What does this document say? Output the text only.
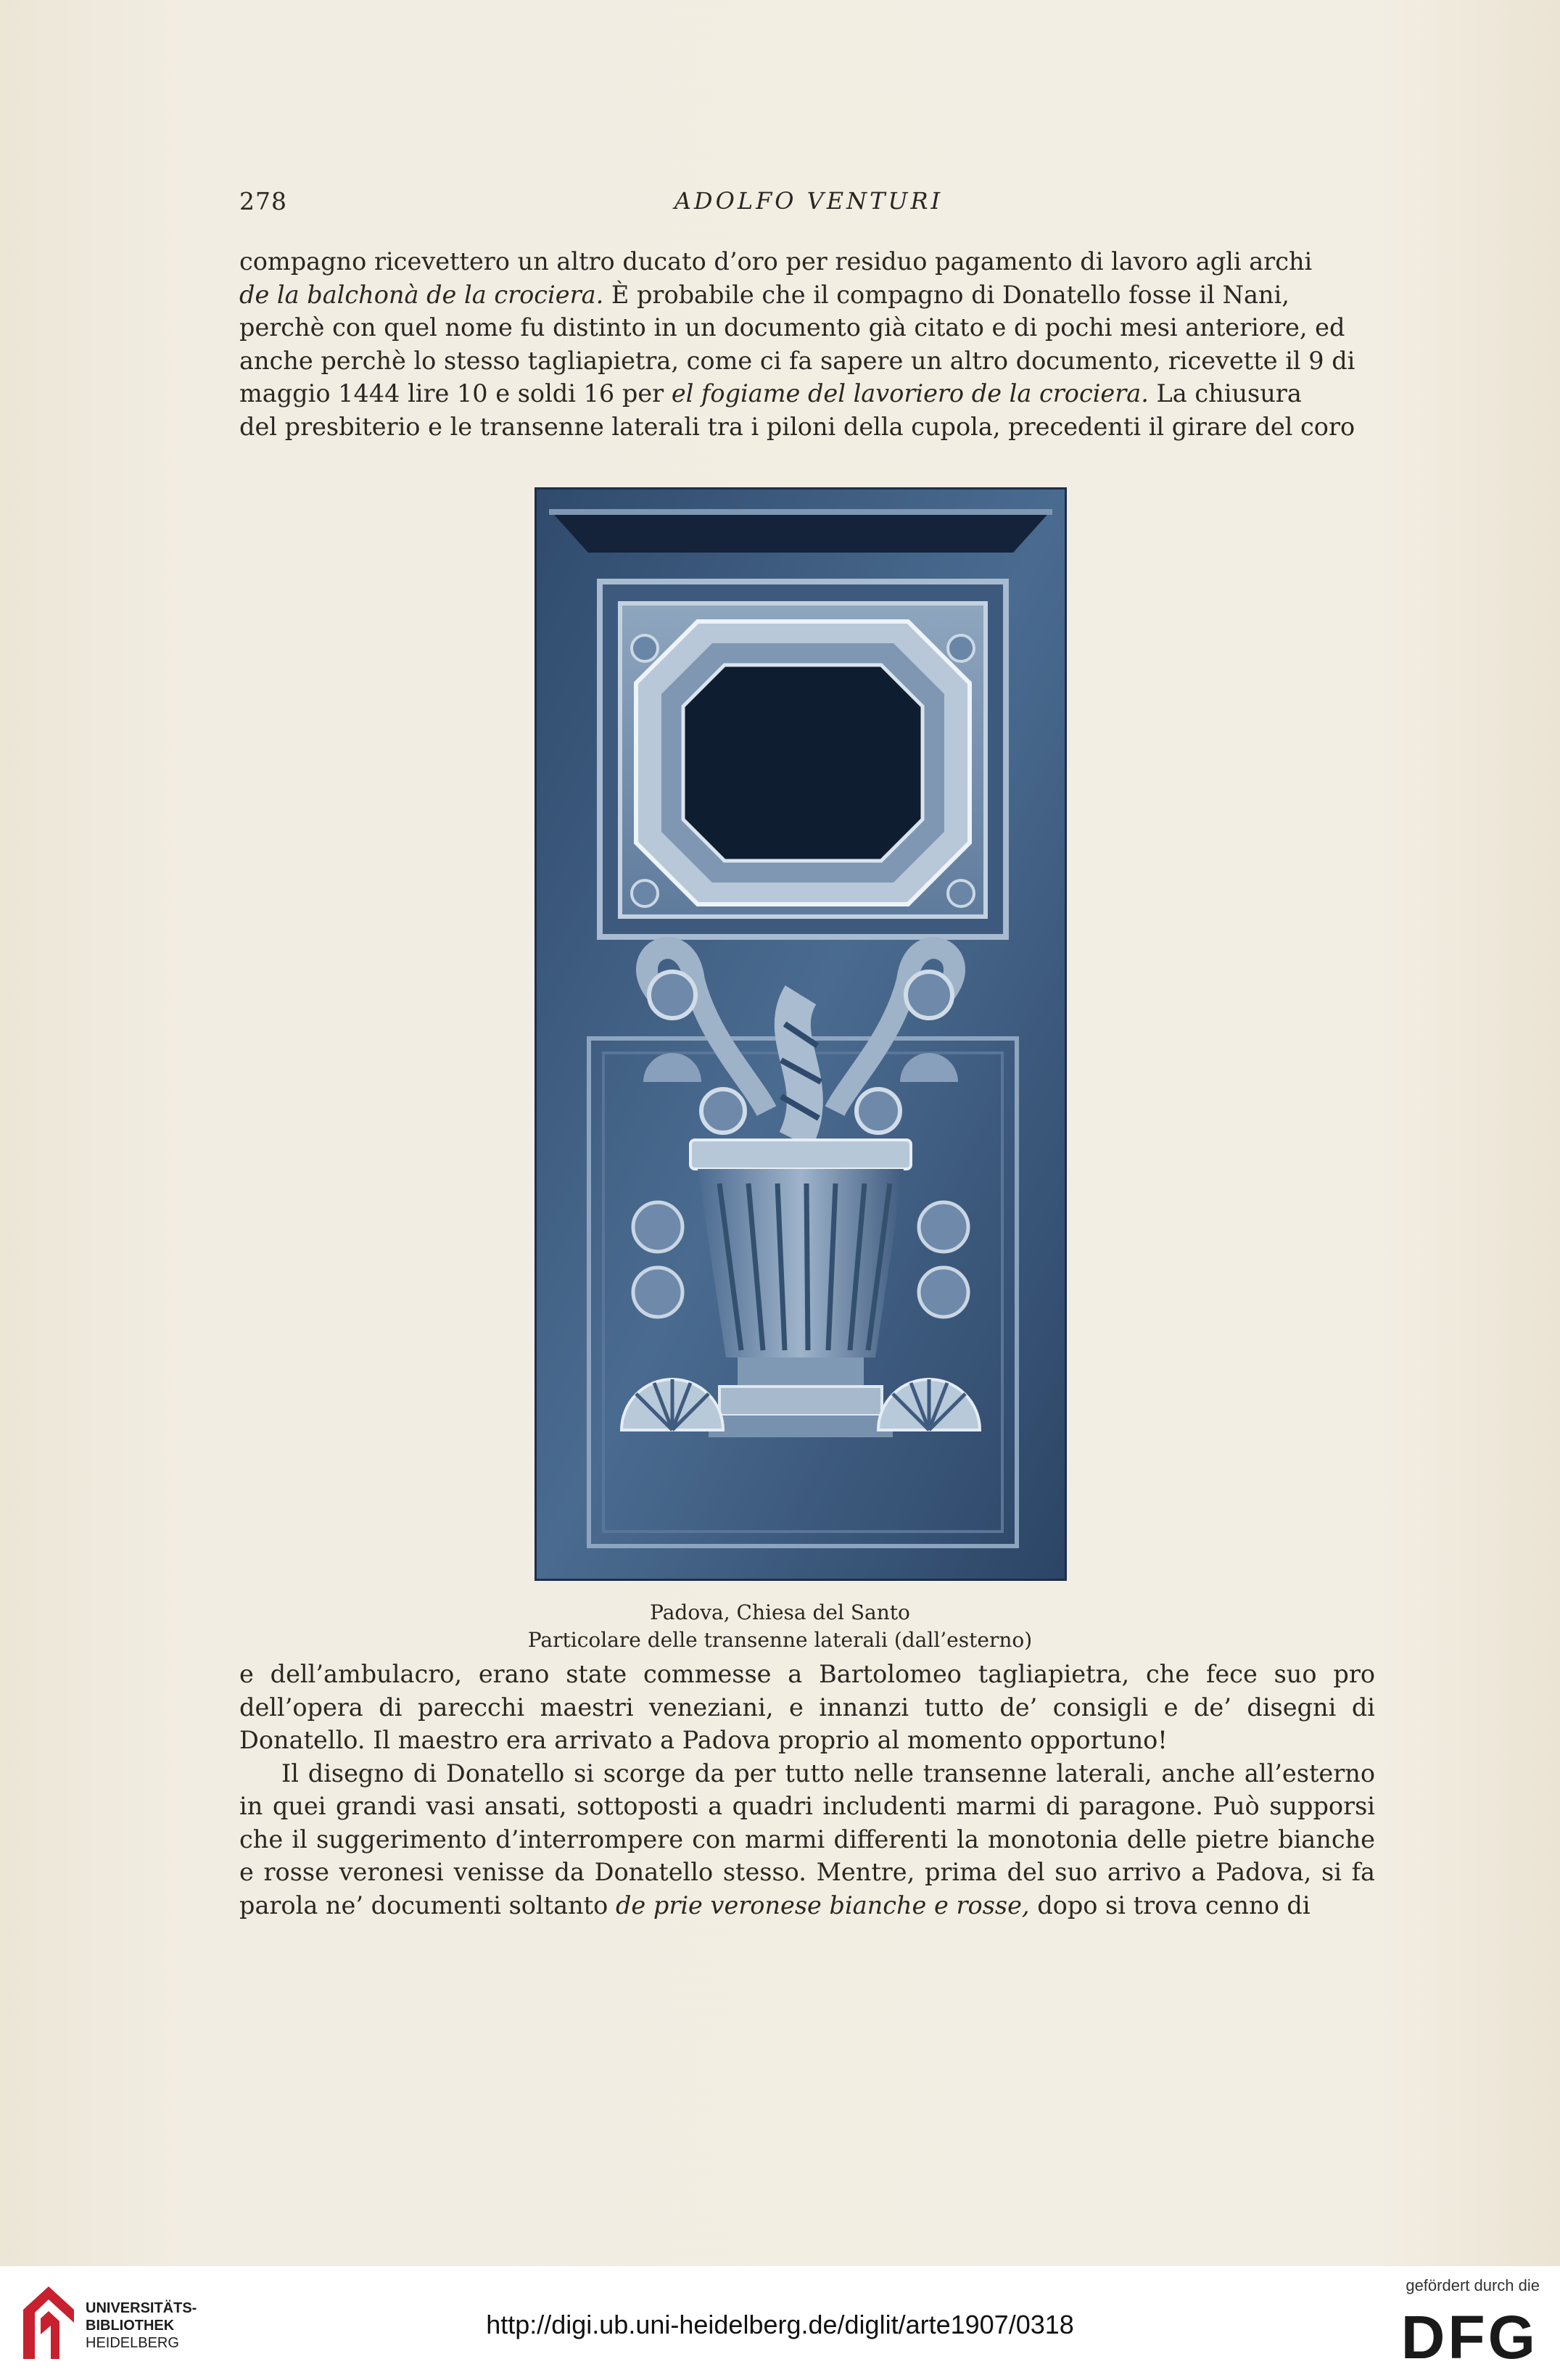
278	ADOLFO VENTURI

compagno ricevettero un altro ducato d’oro per residuo pagamento di lavoro agli archi

de la balchonà de la crociera. È probabile che il compagno di Donatello fosse il Nani,

perchè con quel nome fu distinto in un documento già citato e di pochi mesi anteriore, ed

anche perchè lo stesso tagliapietra, come ci fa sapere un altro documento, ricevette il 9 di

maggio 1444 lire 10 e soldi 16 per el fogiame del lavoriero de la crociera. La chiusura

del presbiterio e le transenne laterali tra i piloni della cupola, precedenti il girare del coro

Padova, Chiesa del Santo
Particolare delle transenne laterali (dall’esterno)

e dell’ambulacro, erano state commesse a Bartolomeo tagliapietra, che fece suo pro dell’opera di parecchi maestri veneziani, e innanzi tutto de’ consigli e de’ disegni di Donatello. Il maestro era arrivato a Padova proprio al momento opportuno!

Il disegno di Donatello si scorge da per tutto nelle transenne laterali, anche all’esterno in quei grandi vasi ansati, sottoposti a quadri includenti marmi di paragone. Può supporsi che il suggerimento d’interrompere con marmi differenti la monotonia delle pietre bianche e rosse veronesi venisse da Donatello stesso. Mentre, prima del suo arrivo a Padova, si fa parola ne’ documenti soltanto de prie veronese bianche e rosse, dopo si trova cenno di

UNIVERSITÄTS-
BIBLIOTHEK
HEIDELBERG
http://digi.ub.uni-heidelberg.de/diglit/arte1907/0318
gefördert durch die
DFG
